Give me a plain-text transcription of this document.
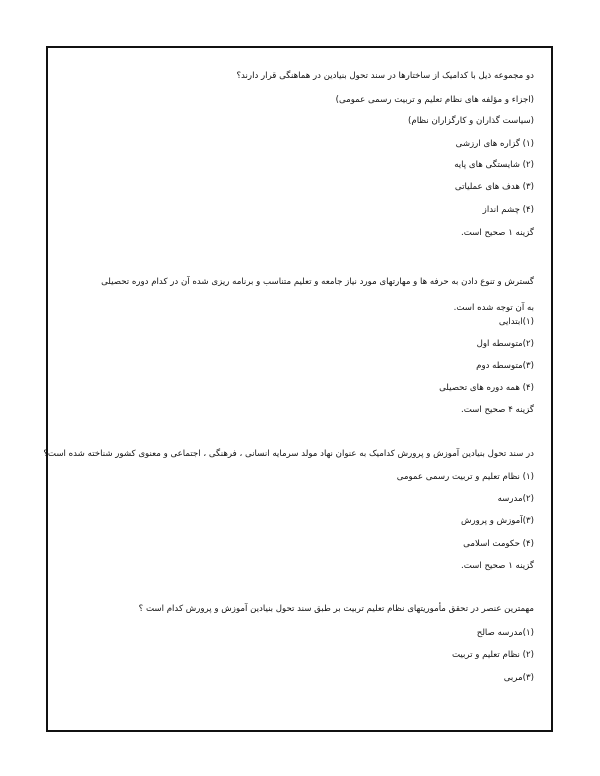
دو مجموعه ذیل با کدامیک از ساختارها در سند تحول بنیادین در هماهنگی قرار دارند؟
(اجزاء و مؤلفه های نظام تعلیم و تربیت رسمی عمومی)
(سیاست گذاران و کارگزاران نظام)
(۱) گزاره های ارزشی
(۲) شایستگی های پایه
(۳) هدف های عملیاتی
(۴) چشم انداز
گزینه ۱ صحیح است.
گسترش و تنوع دادن به حرفه ها و مهارتهای مورد نیاز جامعه و تعلیم متناسب و برنامه ریزی شده آن در کدام دوره تحصیلی به آن توجه شده است.
(۱)ابتدایی
(۲)متوسطه اول
(۳)متوسطه دوم
(۴) همه دوره های تحصیلی
گزینه ۴ صحیح است.
در سند تحول بنیادین آموزش و پرورش کدامیک به عنوان نهاد مولد سرمایه انسانی ، فرهنگی ، اجتماعی و معنوی کشور شناخته شده است؟
(۱) نظام تعلیم و تربیت رسمی عمومی
(۲)مدرسه
(۳)آموزش و پرورش
(۴) حکومت اسلامی
گزینه ۱ صحیح است.
مهمترین عنصر در تحقق مأموریتهای نظام تعلیم تربیت بر طبق سند تحول بنیادین آموزش و پرورش کدام است ؟
(۱)مدرسه صالح
(۲) نظام تعلیم و تربیت
(۳)مربی
